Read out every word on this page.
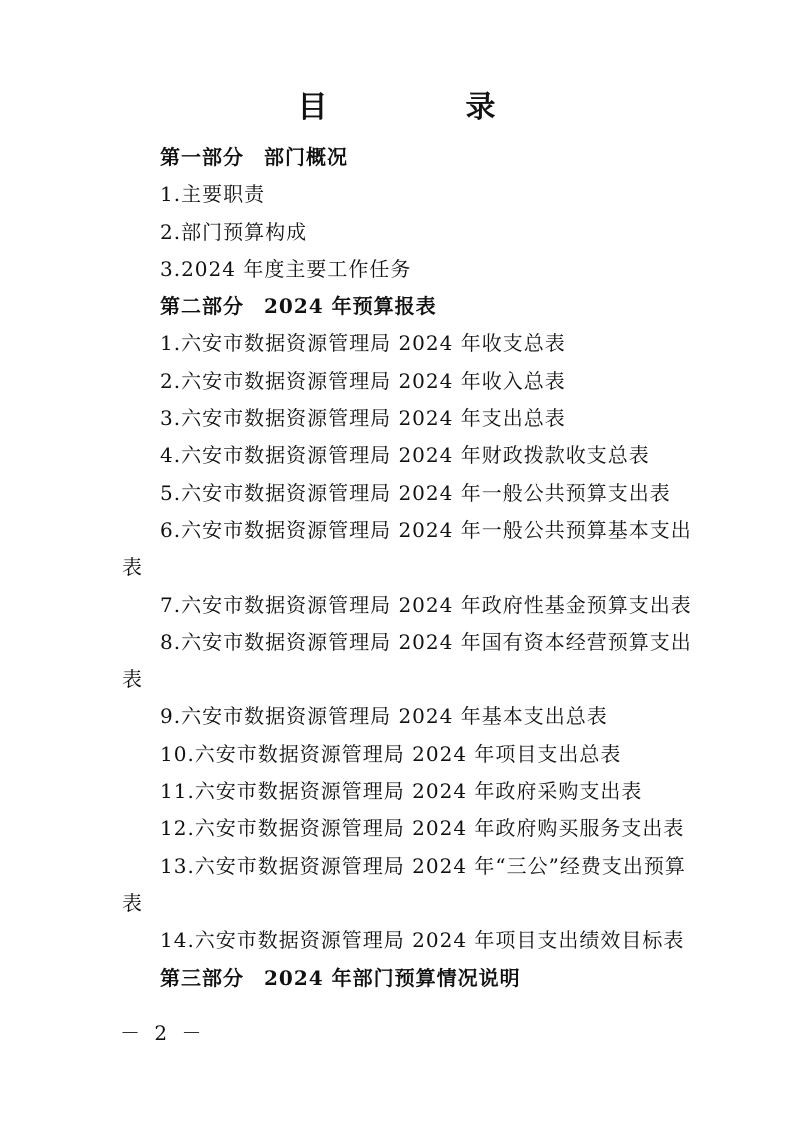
目　录
第一部分 部门概况
1.主要职责
2.部门预算构成
3.2024 年度主要工作任务
第二部分 2024 年预算报表
1.六安市数据资源管理局 2024 年收支总表
2.六安市数据资源管理局 2024 年收入总表
3.六安市数据资源管理局 2024 年支出总表
4.六安市数据资源管理局 2024 年财政拨款收支总表
5.六安市数据资源管理局 2024 年一般公共预算支出表
6.六安市数据资源管理局 2024 年一般公共预算基本支出
表
7.六安市数据资源管理局 2024 年政府性基金预算支出表
8.六安市数据资源管理局 2024 年国有资本经营预算支出
表
9.六安市数据资源管理局 2024 年基本支出总表
10.六安市数据资源管理局 2024 年项目支出总表
11.六安市数据资源管理局 2024 年政府采购支出表
12.六安市数据资源管理局 2024 年政府购买服务支出表
13.六安市数据资源管理局 2024 年“三公”经费支出预算
表
14.六安市数据资源管理局 2024 年项目支出绩效目标表
第三部分 2024 年部门预算情况说明
－ 2 －
